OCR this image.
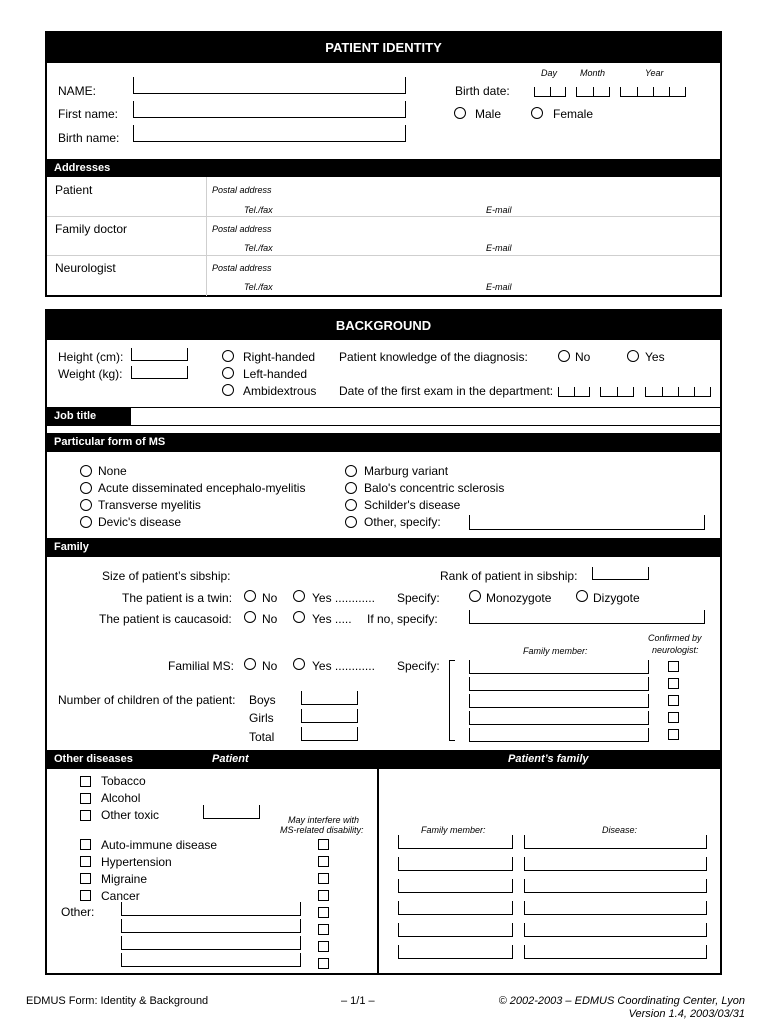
PATIENT IDENTITY
NAME:
First name:
Birth name:
Day	Month	Year
Birth date:
Male	Female
Addresses
Patient	Postal address
Tel./fax	E-mail
Family doctor	Postal address
Tel./fax	E-mail
Neurologist	Postal address
Tel./fax	E-mail
BACKGROUND
Height (cm):
Weight (kg):
Right-handed
Left-handed
Ambidextrous
Patient knowledge of the diagnosis:	No	Yes
Date of the first exam in the department:
Job title
Particular form of MS
None
Acute disseminated encephalo-myelitis
Transverse myelitis
Devic's disease
Marburg variant
Balo's concentric sclerosis
Schilder's disease
Other, specify:
Family
Size of patient’s sibship:	Rank of patient in sibship:
The patient is a twin: No	Yes ............ Specify:	Monozygote	Dizygote
The patient is caucasoid:	No	Yes ..... If no, specify:
Confirmed by
neurologist:
Family member:
Familial MS: No	Yes ............ Specify:
Number of children of the patient: Boys
Girls
Total
Other diseases	Patient	Patient’s family
Tobacco
Alcohol
Other toxic	May interfere with
MS-related disability:
Auto-immune disease
Hypertension
Migraine
Cancer
Other:
Family member:	Disease:
EDMUS Form: Identity & Background	– 1/1 –	© 2002-2003 – EDMUS Coordinating Center, Lyon
Version 1.4, 2003/03/31
